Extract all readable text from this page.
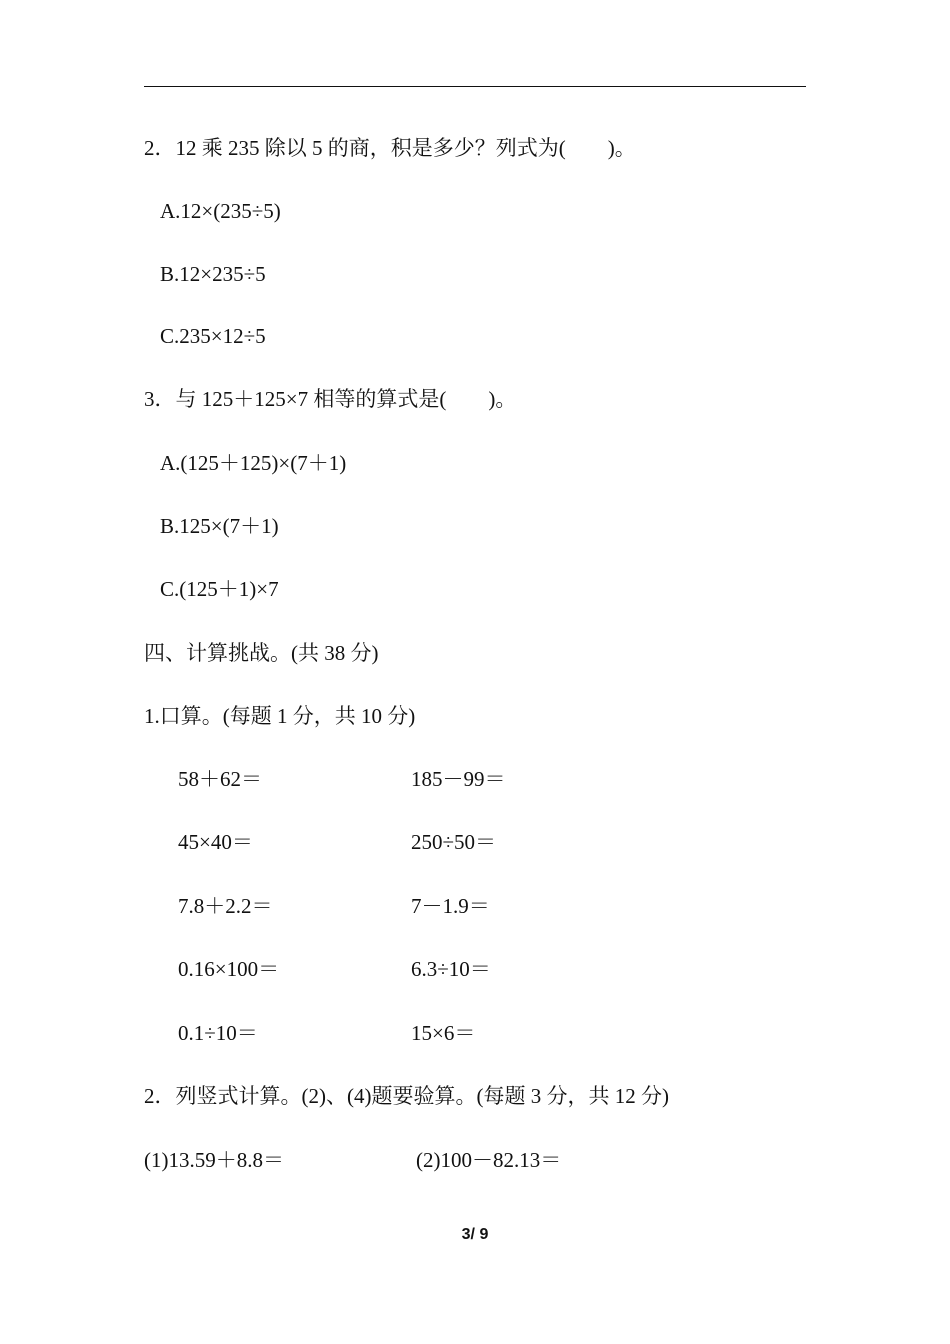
2．12 乘 235 除以 5 的商，积是多少？列式为(　　)。
A.12×(235÷5)
B.12×235÷5
C.235×12÷5
3．与 125＋125×7 相等的算式是(　　)。
A.(125＋125)×(7＋1)
B.125×(7＋1)
C.(125＋1)×7
四、计算挑战。(共 38 分)
1.口算。(每题 1 分，共 10 分)
58＋62＝	185－99＝
45×40＝	250÷50＝
7.8＋2.2＝	7－1.9＝
0.16×100＝	6.3÷10＝
0.1÷10＝	15×6＝
2．列竖式计算。(2)、(4)题要验算。(每题 3 分，共 12 分)
(1)13.59＋8.8＝	(2)100－82.13＝
3/ 9
